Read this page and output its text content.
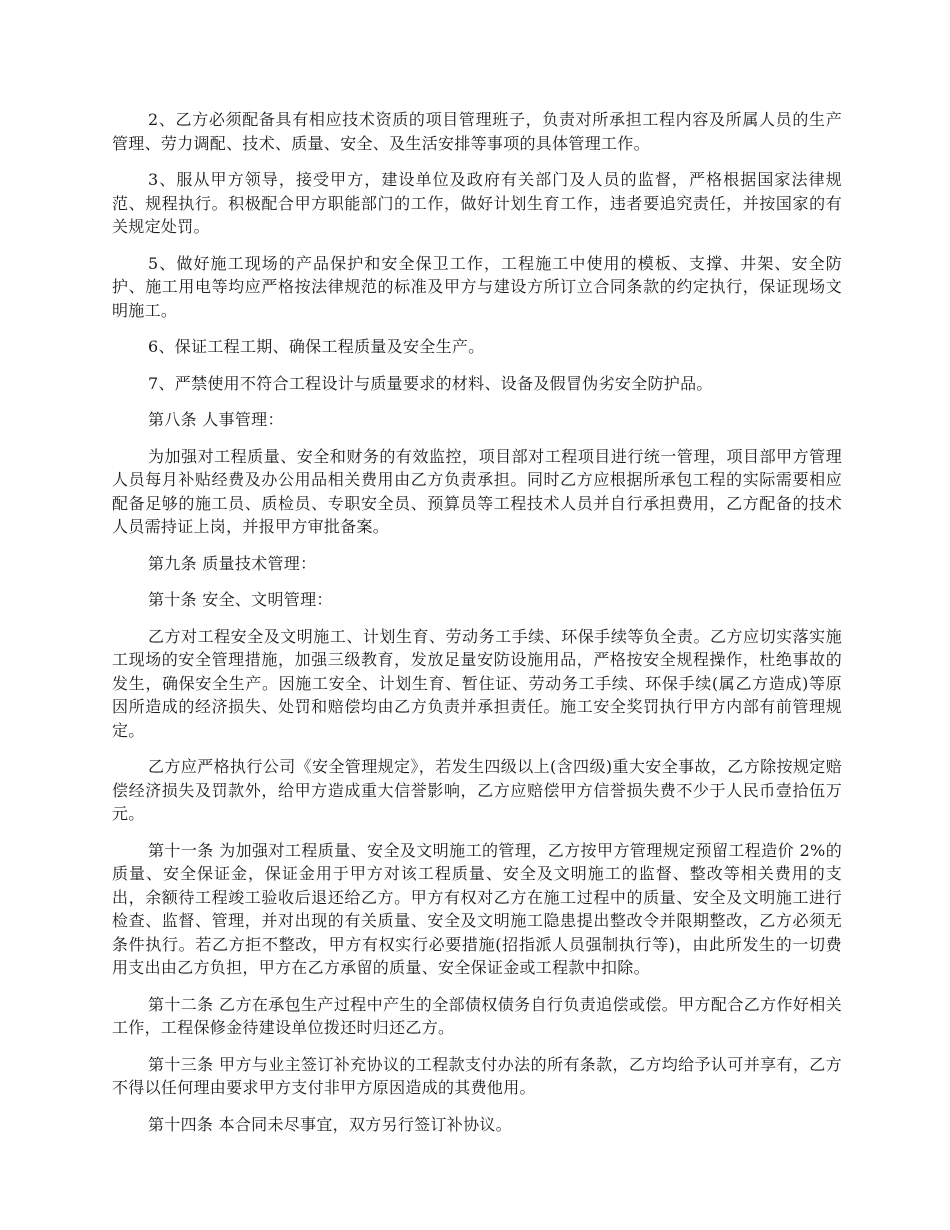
2、乙方必须配备具有相应技术资质的项目管理班子，负责对所承担工程内容及所属人员的生产管理、劳力调配、技术、质量、安全、及生活安排等事项的具体管理工作。

3、服从甲方领导，接受甲方，建设单位及政府有关部门及人员的监督，严格根据国家法律规范、规程执行。积极配合甲方职能部门的工作，做好计划生育工作，违者要追究责任，并按国家的有关规定处罚。

5、做好施工现场的产品保护和安全保卫工作，工程施工中使用的模板、支撑、井架、安全防护、施工用电等均应严格按法律规范的标准及甲方与建设方所订立合同条款的约定执行，保证现场文明施工。

6、保证工程工期、确保工程质量及安全生产。

7、严禁使用不符合工程设计与质量要求的材料、设备及假冒伪劣安全防护品。

第八条 人事管理：

为加强对工程质量、安全和财务的有效监控，项目部对工程项目进行统一管理，项目部甲方管理人员每月补贴经费及办公用品相关费用由乙方负责承担。同时乙方应根据所承包工程的实际需要相应配备足够的施工员、质检员、专职安全员、预算员等工程技术人员并自行承担费用，乙方配备的技术人员需持证上岗，并报甲方审批备案。

第九条 质量技术管理：

第十条 安全、文明管理：

乙方对工程安全及文明施工、计划生育、劳动务工手续、环保手续等负全责。乙方应切实落实施工现场的安全管理措施，加强三级教育，发放足量安防设施用品，严格按安全规程操作，杜绝事故的发生，确保安全生产。因施工安全、计划生育、暂住证、劳动务工手续、环保手续(属乙方造成)等原因所造成的经济损失、处罚和赔偿均由乙方负责并承担责任。施工安全奖罚执行甲方内部有前管理规定。

乙方应严格执行公司《安全管理规定》，若发生四级以上(含四级)重大安全事故，乙方除按规定赔偿经济损失及罚款外，给甲方造成重大信誉影响，乙方应赔偿甲方信誉损失费不少于人民币壹拾伍万元。

第十一条 为加强对工程质量、安全及文明施工的管理，乙方按甲方管理规定预留工程造价 2%的质量、安全保证金，保证金用于甲方对该工程质量、安全及文明施工的监督、整改等相关费用的支出，余额待工程竣工验收后退还给乙方。甲方有权对乙方在施工过程中的质量、安全及文明施工进行检查、监督、管理，并对出现的有关质量、安全及文明施工隐患提出整改令并限期整改，乙方必须无条件执行。若乙方拒不整改，甲方有权实行必要措施(招指派人员强制执行等)，由此所发生的一切费用支出由乙方负担，甲方在乙方承留的质量、安全保证金或工程款中扣除。

第十二条 乙方在承包生产过程中产生的全部债权债务自行负责追偿或偿。甲方配合乙方作好相关工作，工程保修金待建设单位拨还时归还乙方。

第十三条 甲方与业主签订补充协议的工程款支付办法的所有条款，乙方均给予认可并享有，乙方不得以任何理由要求甲方支付非甲方原因造成的其费他用。

第十四条 本合同未尽事宜，双方另行签订补协议。
